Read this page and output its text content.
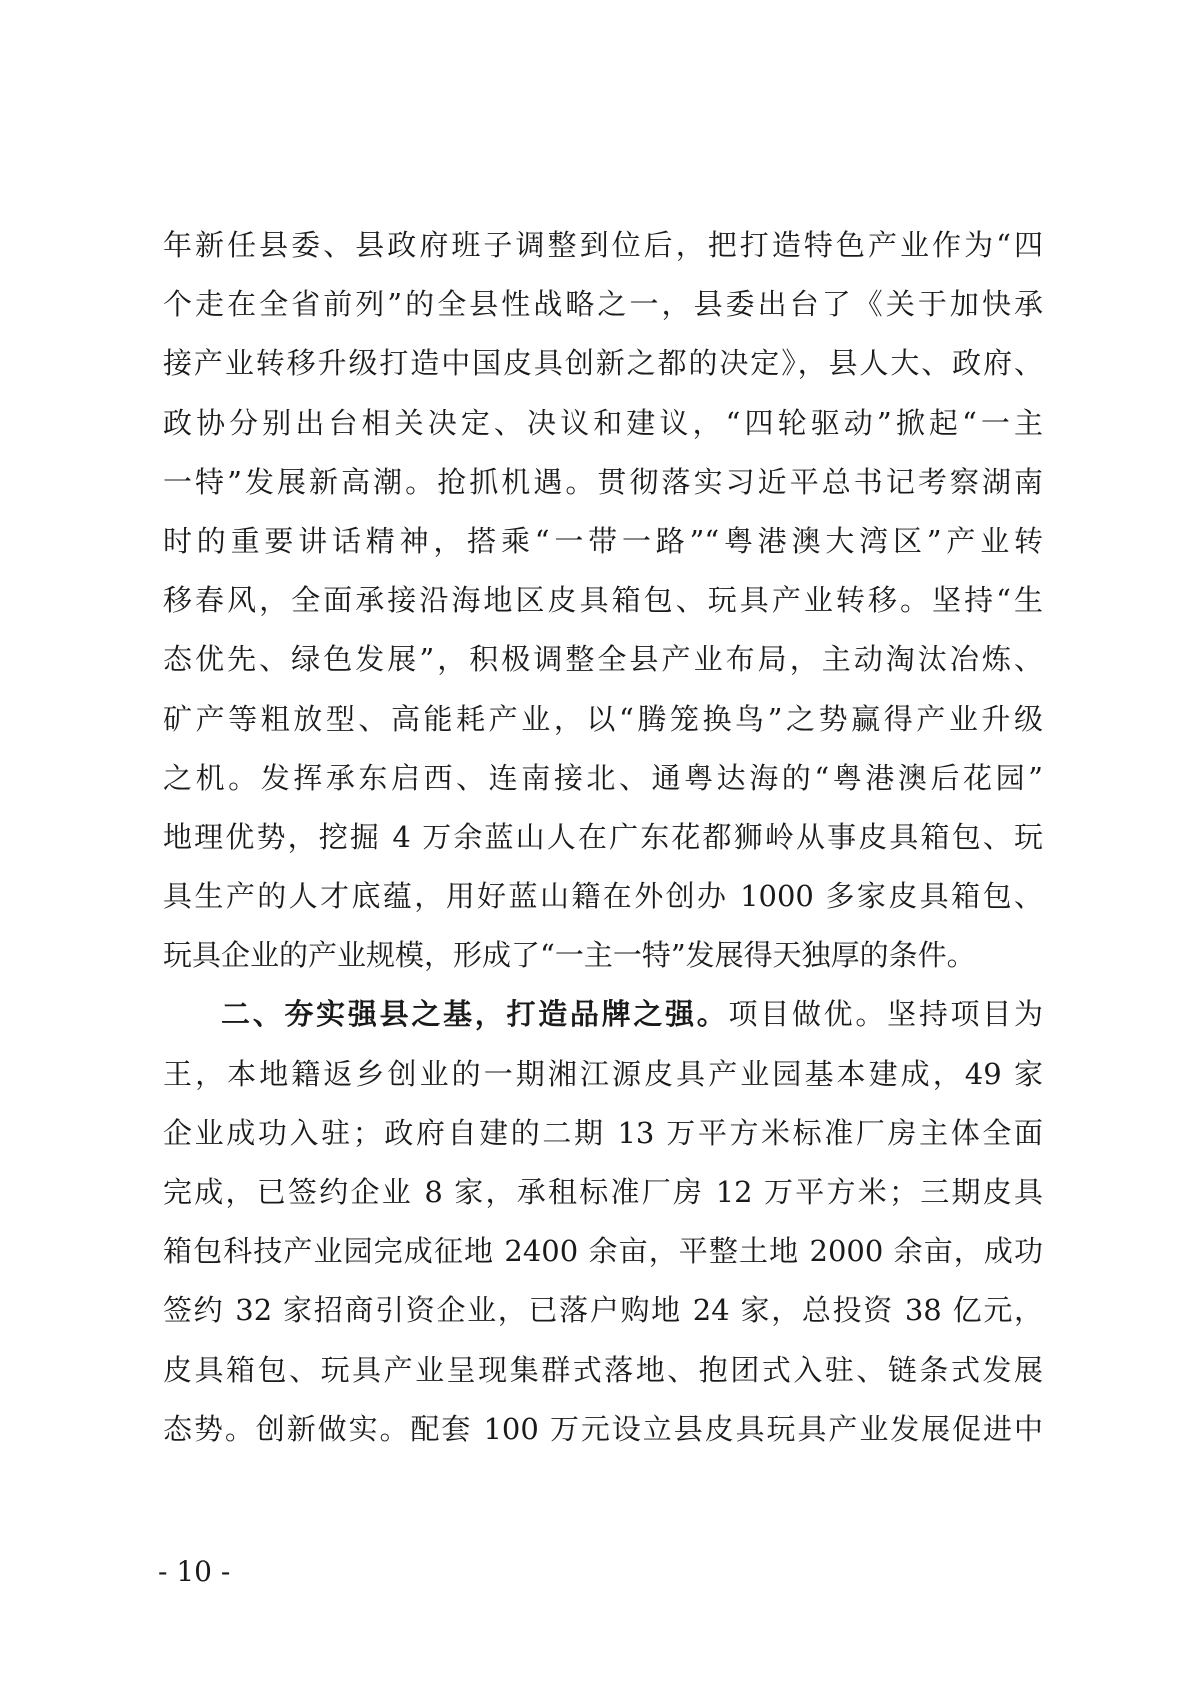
年新任县委、县政府班子调整到位后，把打造特色产业作为“四
个走在全省前列”的全县性战略之一，县委出台了《关于加快承
接产业转移升级打造中国皮具创新之都的决定》，县人大、政府、
政协分别出台相关决定、决议和建议，“四轮驱动”掀起“一主
一特”发展新高潮。抢抓机遇。贯彻落实习近平总书记考察湖南
时的重要讲话精神，搭乘“一带一路”“粤港澳大湾区”产业转
移春风，全面承接沿海地区皮具箱包、玩具产业转移。坚持“生
态优先、绿色发展”，积极调整全县产业布局，主动淘汰冶炼、
矿产等粗放型、高能耗产业，以“腾笼换鸟”之势赢得产业升级
之机。发挥承东启西、连南接北、通粤达海的“粤港澳后花园”
地理优势，挖掘 4 万余蓝山人在广东花都狮岭从事皮具箱包、玩
具生产的人才底蕴，用好蓝山籍在外创办 1000 多家皮具箱包、
玩具企业的产业规模，形成了“一主一特”发展得天独厚的条件。
二、夯实强县之基，打造品牌之强。项目做优。坚持项目为
王，本地籍返乡创业的一期湘江源皮具产业园基本建成，49 家
企业成功入驻；政府自建的二期 13 万平方米标准厂房主体全面
完成，已签约企业 8 家，承租标准厂房 12 万平方米；三期皮具
箱包科技产业园完成征地 2400 余亩，平整土地 2000 余亩，成功
签约 32 家招商引资企业，已落户购地 24 家，总投资 38 亿元，
皮具箱包、玩具产业呈现集群式落地、抱团式入驻、链条式发展
态势。创新做实。配套 100 万元设立县皮具玩具产业发展促进中
- 10 -
